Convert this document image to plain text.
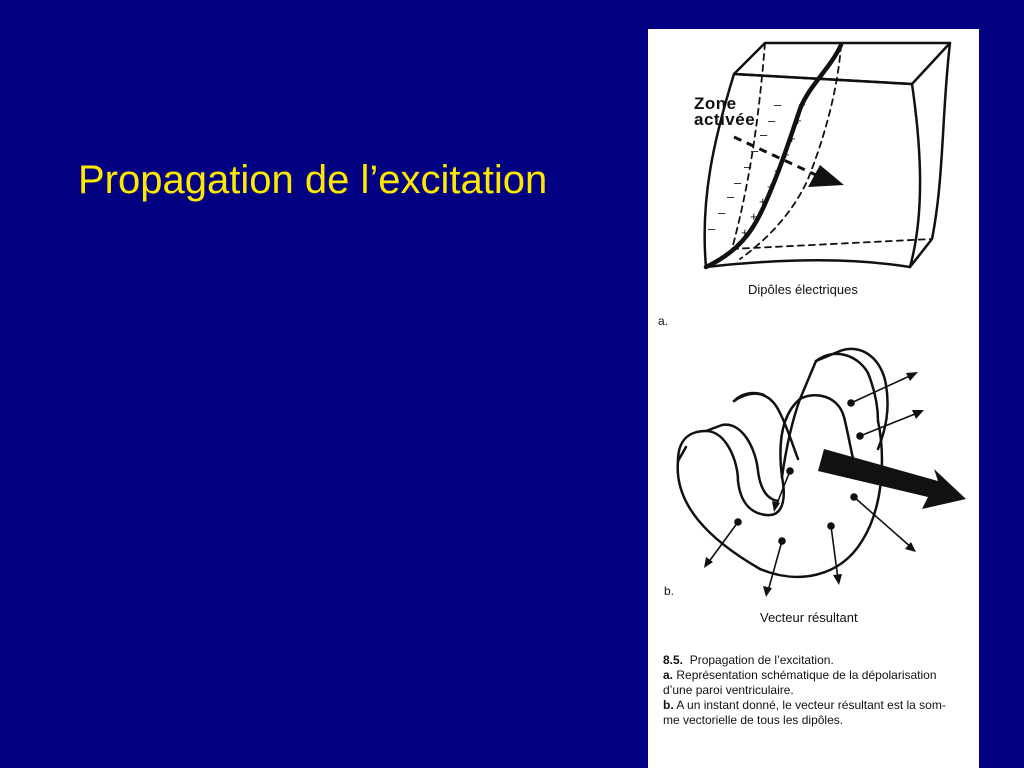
Propagation de l’excitation
– +
– +
– +
– +
– +
– +
– +
– +
– +
Zone
activée
Dipôles électriques
a.
b.
Vecteur résultant
8.5. Propagation de l’excitation.
a. Représentation schématique de la dépolarisation
d’une paroi ventriculaire.
b. A un instant donné, le vecteur résultant est la som-
me vectorielle de tous les dipôles.
